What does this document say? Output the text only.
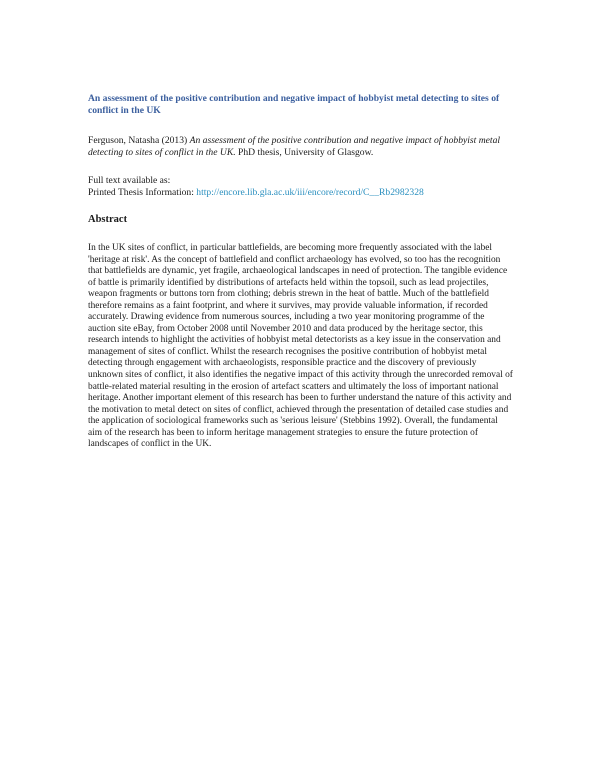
An assessment of the positive contribution and negative impact of hobbyist metal detecting to sites of conflict in the UK
Ferguson, Natasha (2013) An assessment of the positive contribution and negative impact of hobbyist metal detecting to sites of conflict in the UK. PhD thesis, University of Glasgow.
Full text available as:
Printed Thesis Information: http://encore.lib.gla.ac.uk/iii/encore/record/C__Rb2982328
Abstract

In the UK sites of conflict, in particular battlefields, are becoming more frequently associated with the label 'heritage at risk'. As the concept of battlefield and conflict archaeology has evolved, so too has the recognition that battlefields are dynamic, yet fragile, archaeological landscapes in need of protection. The tangible evidence of battle is primarily identified by distributions of artefacts held within the topsoil, such as lead projectiles, weapon fragments or buttons torn from clothing; debris strewn in the heat of battle. Much of the battlefield therefore remains as a faint footprint, and where it survives, may provide valuable information, if recorded accurately. Drawing evidence from numerous sources, including a two year monitoring programme of the auction site eBay, from October 2008 until November 2010 and data produced by the heritage sector, this research intends to highlight the activities of hobbyist metal detectorists as a key issue in the conservation and management of sites of conflict. Whilst the research recognises the positive contribution of hobbyist metal detecting through engagement with archaeologists, responsible practice and the discovery of previously unknown sites of conflict, it also identifies the negative impact of this activity through the unrecorded removal of battle-related material resulting in the erosion of artefact scatters and ultimately the loss of important national heritage. Another important element of this research has been to further understand the nature of this activity and the motivation to metal detect on sites of conflict, achieved through the presentation of detailed case studies and the application of sociological frameworks such as 'serious leisure' (Stebbins 1992). Overall, the fundamental aim of the research has been to inform heritage management strategies to ensure the future protection of landscapes of conflict in the UK.
